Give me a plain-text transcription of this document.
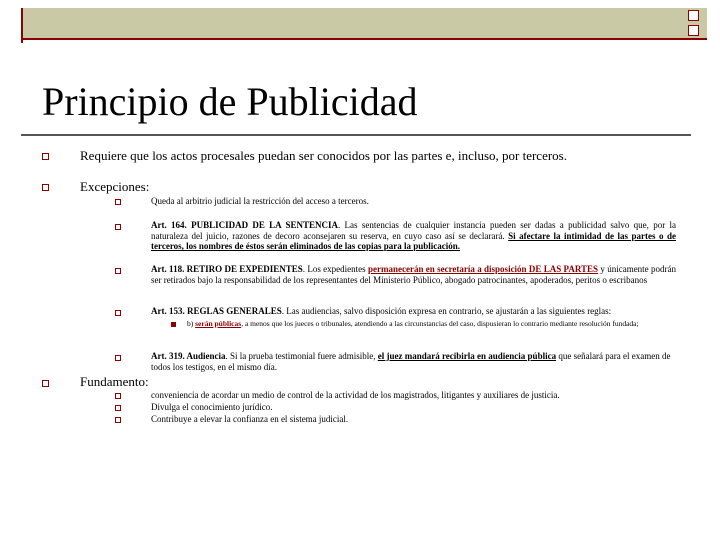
Principio de Publicidad
Requiere que los actos procesales puedan ser conocidos por las partes e, incluso, por terceros.
Excepciones:
Queda al arbitrio judicial la restricción del acceso a terceros.
Art. 164. PUBLICIDAD DE LA SENTENCIA. Las sentencias de cualquier instancia pueden ser dadas a publicidad salvo que, por la naturaleza del juicio, razones de decoro aconsejaren su reserva, en cuyo caso así se declarará. Si afectare la intimidad de las partes o de terceros, los nombres de éstos serán eliminados de las copias para la publicación.
Art. 118. RETIRO DE EXPEDIENTES. Los expedientes permanecerán en secretaría a disposición DE LAS PARTES y únicamente podrán ser retirados bajo la responsabilidad de los representantes del Ministerio Público, abogado patrocinantes, apoderados, peritos o escribanos
Art. 153. REGLAS GENERALES. Las audiencias, salvo disposición expresa en contrario, se ajustarán a las siguientes reglas:
b) serán públicas, a menos que los jueces o tribunales, atendiendo a las circunstancias del caso, dispusieran lo contrario mediante resolución fundada;
Art. 319. Audiencia. Si la prueba testimonial fuere admisible, el juez mandará recibirla en audiencia pública que señalará para el examen de todos los testigos, en el mismo día.
Fundamento:
conveniencia de acordar un medio de control de la actividad de los magistrados, litigantes y auxiliares de justicia.
Divulga el conocimiento jurídico.
Contribuye a elevar la confianza en el sistema judicial.
